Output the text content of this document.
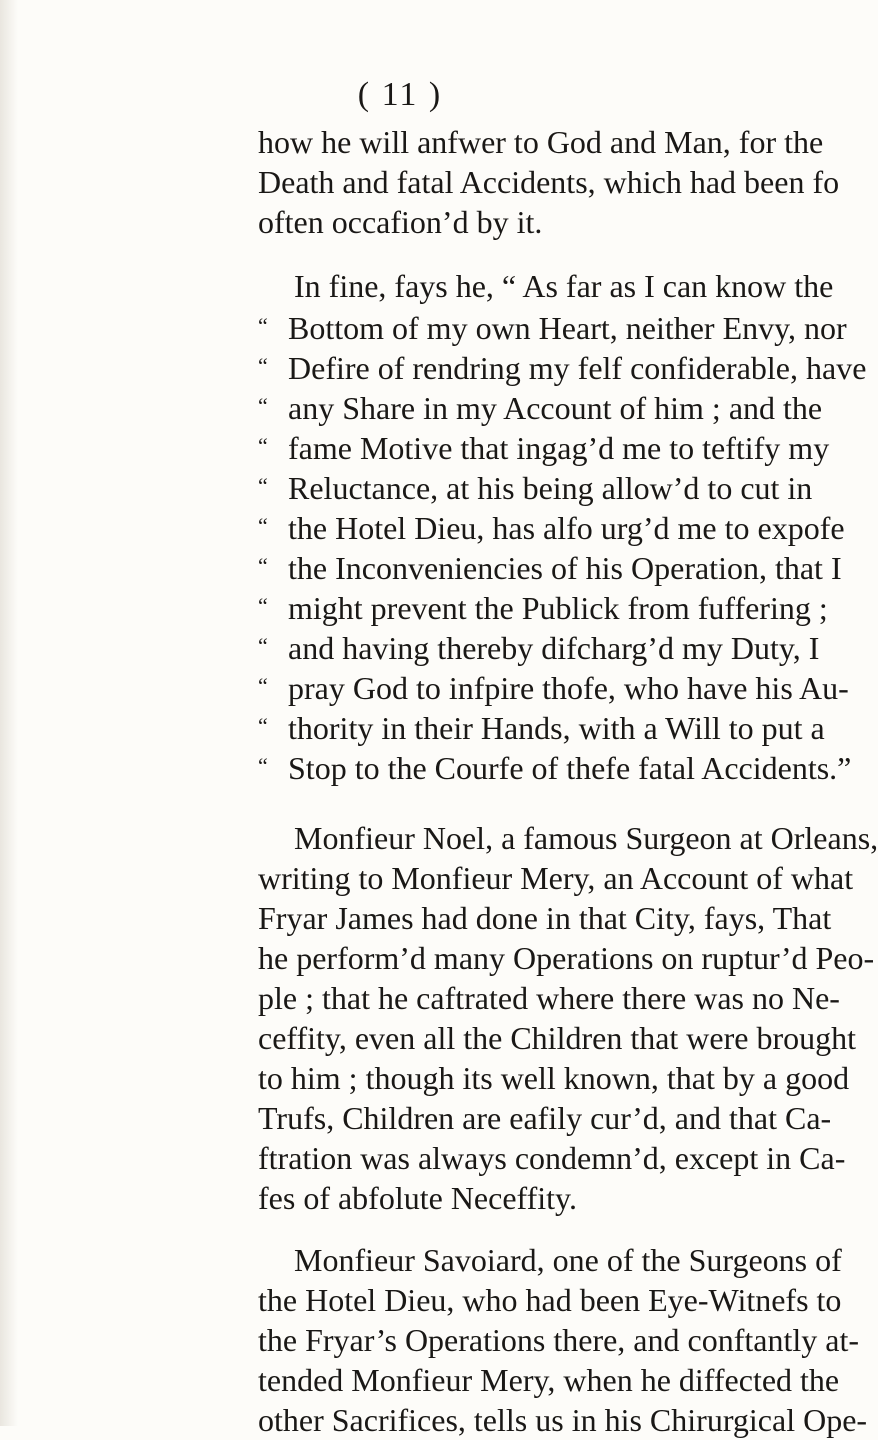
( 11 )
how he will anfwer to God and Man, for the
Death and fatal Accidents, which had been fo
often occafion’d by it.
In fine, fays he, “ As far as I can know the
“ Bottom of my own Heart, neither Envy, nor
“ Defire of rendring my felf confiderable, have
“ any Share in my Account of him ; and the
“ fame Motive that ingag’d me to teftify my
“ Reluctance, at his being allow’d to cut in
“ the Hotel Dieu, has alfo urg’d me to expofe
“ the Inconveniencies of his Operation, that I
“ might prevent the Publick from fuffering ;
“ and having thereby difcharg’d my Duty, I
“ pray God to infpire thofe, who have his Au-
“ thority in their Hands, with a Will to put a
“ Stop to the Courfe of thefe fatal Accidents.”
Monfieur Noel, a famous Surgeon at Orleans,
writing to Monfieur Mery, an Account of what
Fryar James had done in that City, fays, That
he perform’d many Operations on ruptur’d Peo-
ple ; that he caftrated where there was no Ne-
ceffity, even all the Children that were brought
to him ; though its well known, that by a good
Trufs, Children are eafily cur’d, and that Ca-
ftration was always condemn’d, except in Ca-
fes of abfolute Neceffity.
Monfieur Savoiard, one of the Surgeons of
the Hotel Dieu, who had been Eye-Witnefs to
the Fryar’s Operations there, and conftantly at-
tended Monfieur Mery, when he diffected the
other Sacrifices, tells us in his Chirurgical Ope-
